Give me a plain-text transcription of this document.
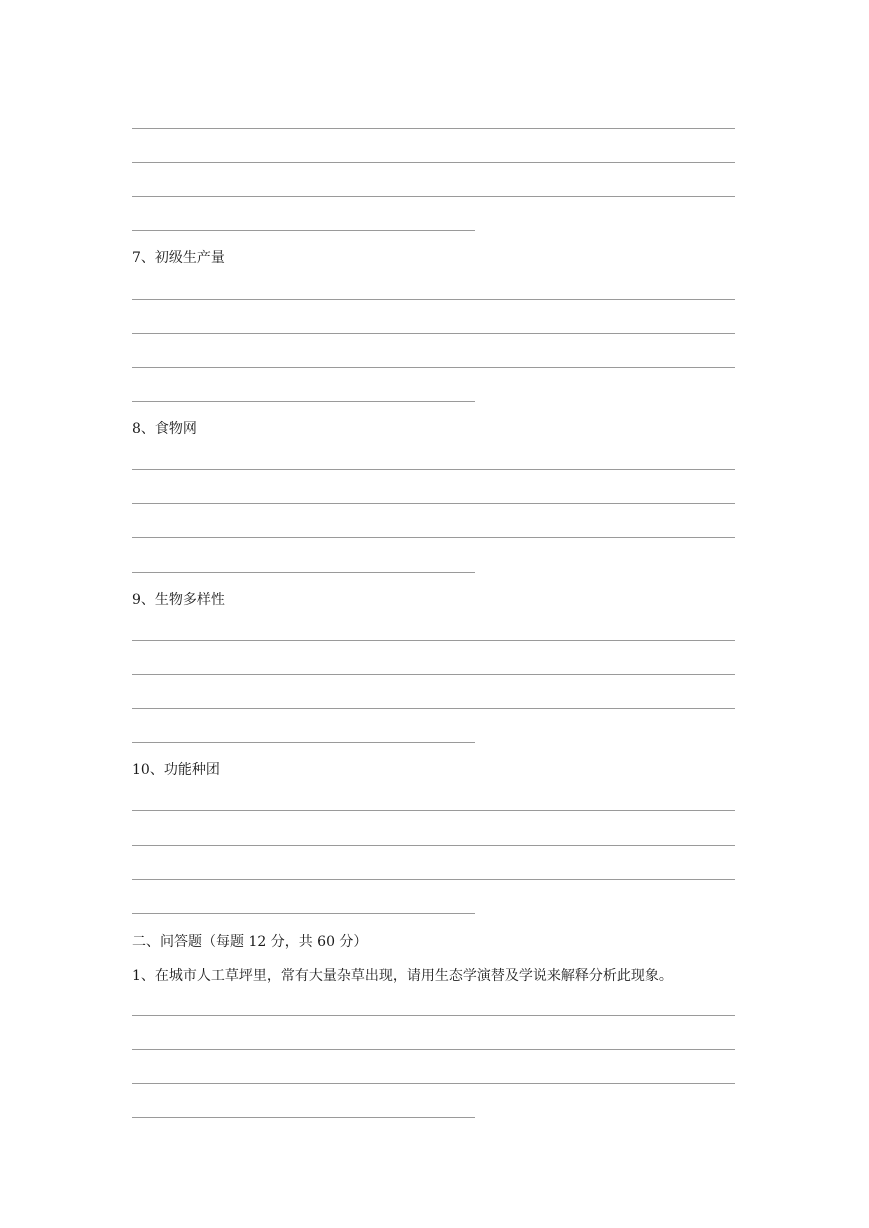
7、初级生产量
8、食物网
9、生物多样性
10、功能种团
二、问答题（每题 12 分，共 60 分）
1、在城市人工草坪里，常有大量杂草出现，请用生态学演替及学说来解释分析此现象。
